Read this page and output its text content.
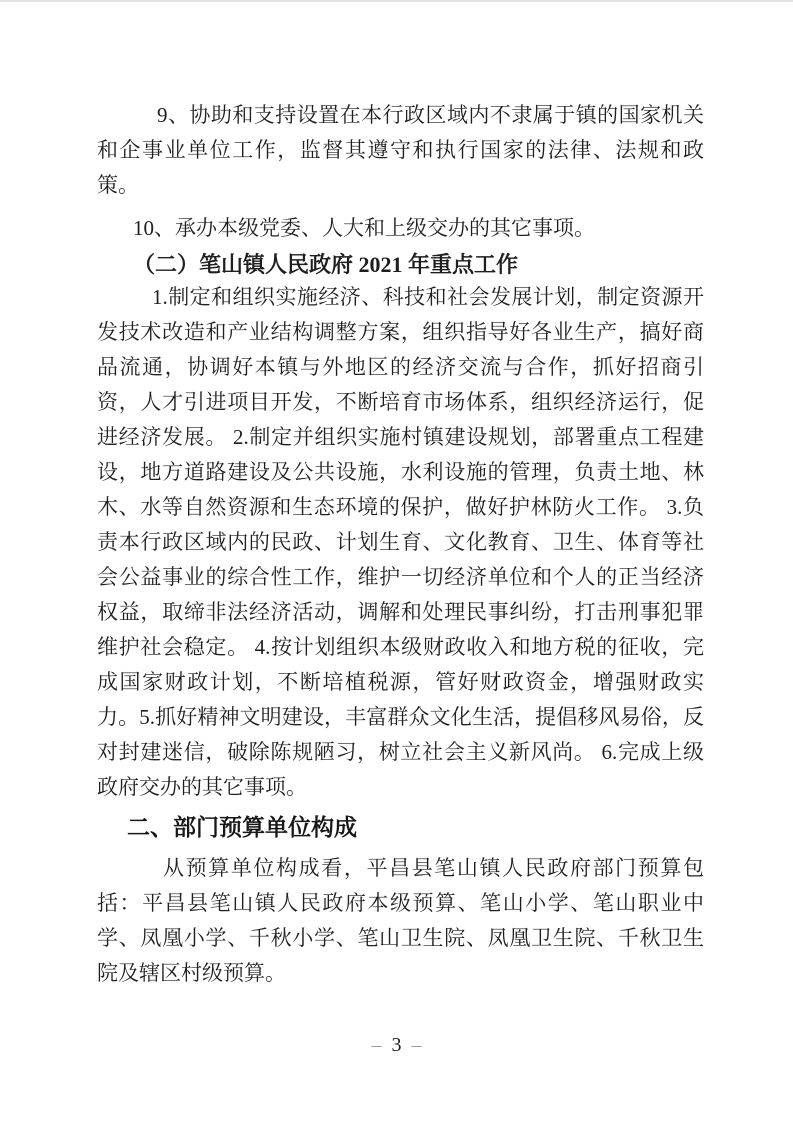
9、协助和支持设置在本行政区域内不隶属于镇的国家机关和企事业单位工作，监督其遵守和执行国家的法律、法规和政策。

10、承办本级党委、人大和上级交办的其它事项。

（二）笔山镇人民政府 2021 年重点工作

1.制定和组织实施经济、科技和社会发展计划，制定资源开发技术改造和产业结构调整方案，组织指导好各业生产，搞好商品流通，协调好本镇与外地区的经济交流与合作，抓好招商引资，人才引进项目开发，不断培育市场体系，组织经济运行，促进经济发展。 2.制定并组织实施村镇建设规划，部署重点工程建设，地方道路建设及公共设施，水利设施的管理，负责土地、林木、水等自然资源和生态环境的保护，做好护林防火工作。 3.负责本行政区域内的民政、计划生育、文化教育、卫生、体育等社会公益事业的综合性工作，维护一切经济单位和个人的正当经济权益，取缔非法经济活动，调解和处理民事纠纷，打击刑事犯罪维护社会稳定。 4.按计划组织本级财政收入和地方税的征收，完成国家财政计划，不断培植税源，管好财政资金，增强财政实力。5.抓好精神文明建设，丰富群众文化生活，提倡移风易俗，反对封建迷信，破除陈规陋习，树立社会主义新风尚。 6.完成上级政府交办的其它事项。

二、部门预算单位构成

从预算单位构成看，平昌县笔山镇人民政府部门预算包括：平昌县笔山镇人民政府本级预算、笔山小学、笔山职业中学、凤凰小学、千秋小学、笔山卫生院、凤凰卫生院、千秋卫生院及辖区村级预算。

– 3 –
